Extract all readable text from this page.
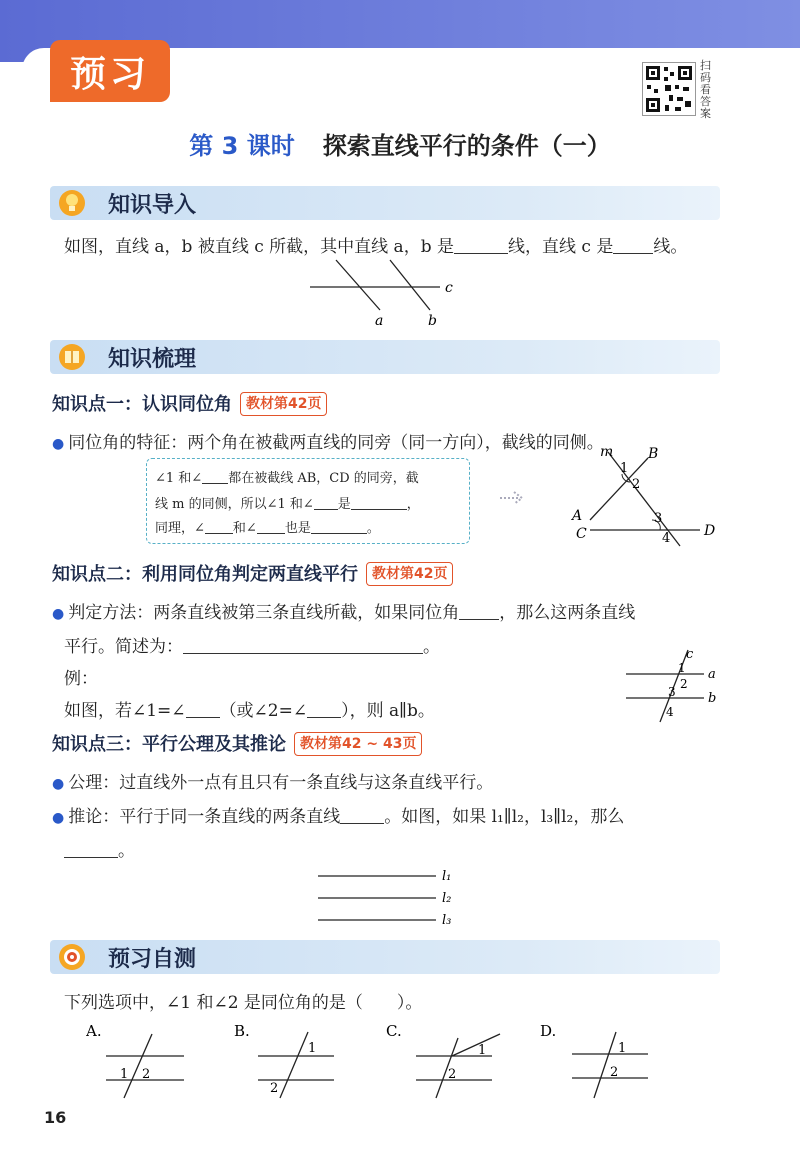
预习	扫码看答案
第 3 课时 探索直线平行的条件（一）
知识导入
如图，直线 a，b 被直线 c 所截，其中直线 a，b 是	线，直线 c 是 线。
c
a	b
知识梳理
知识点一：认识同位角 教材第42页
● 同位角的特征：两个角在被截两直线的同旁（同一方向），截线的同侧。
∠1 和∠ 都在被截线 AB，CD 的同旁，截
线 m 的同侧，所以∠1 和∠ 是	，
同理，∠ 和∠ 也是	。
m B
1
2
A	3
C	4 D
知识点二：利用同位角判定两直线平行 教材第42页
● 判定方法：两条直线被第三条直线所截，如果同位角 ，那么这两条直线
平行。简述为：	。
例：
如图，若∠1=∠ （或∠2=∠ ），则 a∥b。
c
a
b
1
2
3
4
知识点三：平行公理及其推论 教材第42 ~ 43页
● 公理：过直线外一点有且只有一条直线与这条直线平行。
● 推论：平行于同一条直线的两条直线	。如图，如果 l₁∥l₂，l₃∥l₂，那么
。
l₁
l₂
l₃
预习自测
下列选项中，∠1 和∠2 是同位角的是（　　）。
A.
1 2
B.
1
2
C.
1
2
D.
1
2
16
